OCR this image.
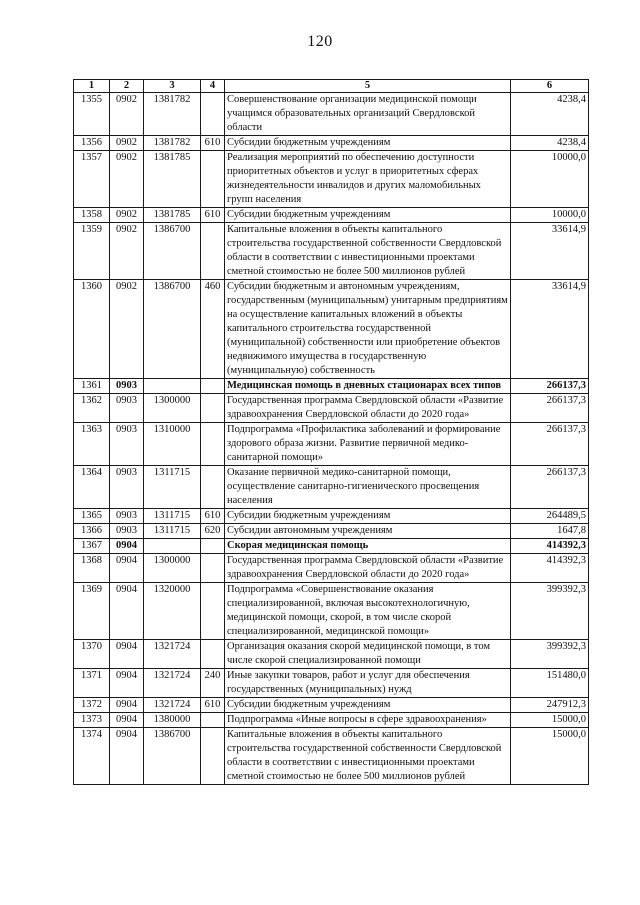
120
1	2	3	4	5	6
1355	0902	1381782		Совершенствование организации медицинской помощи учащимся образовательных организаций Свердловской области	4238,4
1356	0902	1381782	610	Субсидии бюджетным учреждениям	4238,4
1357	0902	1381785		Реализация мероприятий по обеспечению доступности приоритетных объектов и услуг в приоритетных сферах жизнедеятельности инвалидов и других маломобильных групп населения	10000,0
1358	0902	1381785	610	Субсидии бюджетным учреждениям	10000,0
1359	0902	1386700		Капитальные вложения в объекты капитального строительства государственной собственности Свердловской области в соответствии с инвестиционными проектами сметной стоимостью не более 500 миллионов рублей	33614,9
1360	0902	1386700	460	Субсидии бюджетным и автономным учреждениям, государственным (муниципальным) унитарным предприятиям на осуществление капитальных вложений в объекты капитального строительства государственной (муниципальной) собственности или приобретение объектов недвижимого имущества в государственную (муниципальную) собственность	33614,9
1361	0903			Медицинская помощь в дневных стационарах всех типов	266137,3
1362	0903	1300000		Государственная программа Свердловской области «Развитие здравоохранения Свердловской области до 2020 года»	266137,3
1363	0903	1310000		Подпрограмма «Профилактика заболеваний и формирование здорового образа жизни. Развитие первичной медико-санитарной помощи»	266137,3
1364	0903	1311715		Оказание первичной медико-санитарной помощи, осуществление санитарно-гигиенического просвещения населения	266137,3
1365	0903	1311715	610	Субсидии бюджетным учреждениям	264489,5
1366	0903	1311715	620	Субсидии автономным учреждениям	1647,8
1367	0904			Скорая медицинская помощь	414392,3
1368	0904	1300000		Государственная программа Свердловской области «Развитие здравоохранения Свердловской области до 2020 года»	414392,3
1369	0904	1320000		Подпрограмма «Совершенствование оказания специализированной, включая высокотехнологичную, медицинской помощи, скорой, в том числе скорой специализированной, медицинской помощи»	399392,3
1370	0904	1321724		Организация оказания скорой медицинской помощи, в том числе скорой специализированной помощи	399392,3
1371	0904	1321724	240	Иные закупки товаров, работ и услуг для обеспечения государственных (муниципальных) нужд	151480,0
1372	0904	1321724	610	Субсидии бюджетным учреждениям	247912,3
1373	0904	1380000		Подпрограмма «Иные вопросы в сфере здравоохранения»	15000,0
1374	0904	1386700		Капитальные вложения в объекты капитального строительства государственной собственности Свердловской области в соответствии с инвестиционными проектами сметной стоимостью не более 500 миллионов рублей	15000,0
